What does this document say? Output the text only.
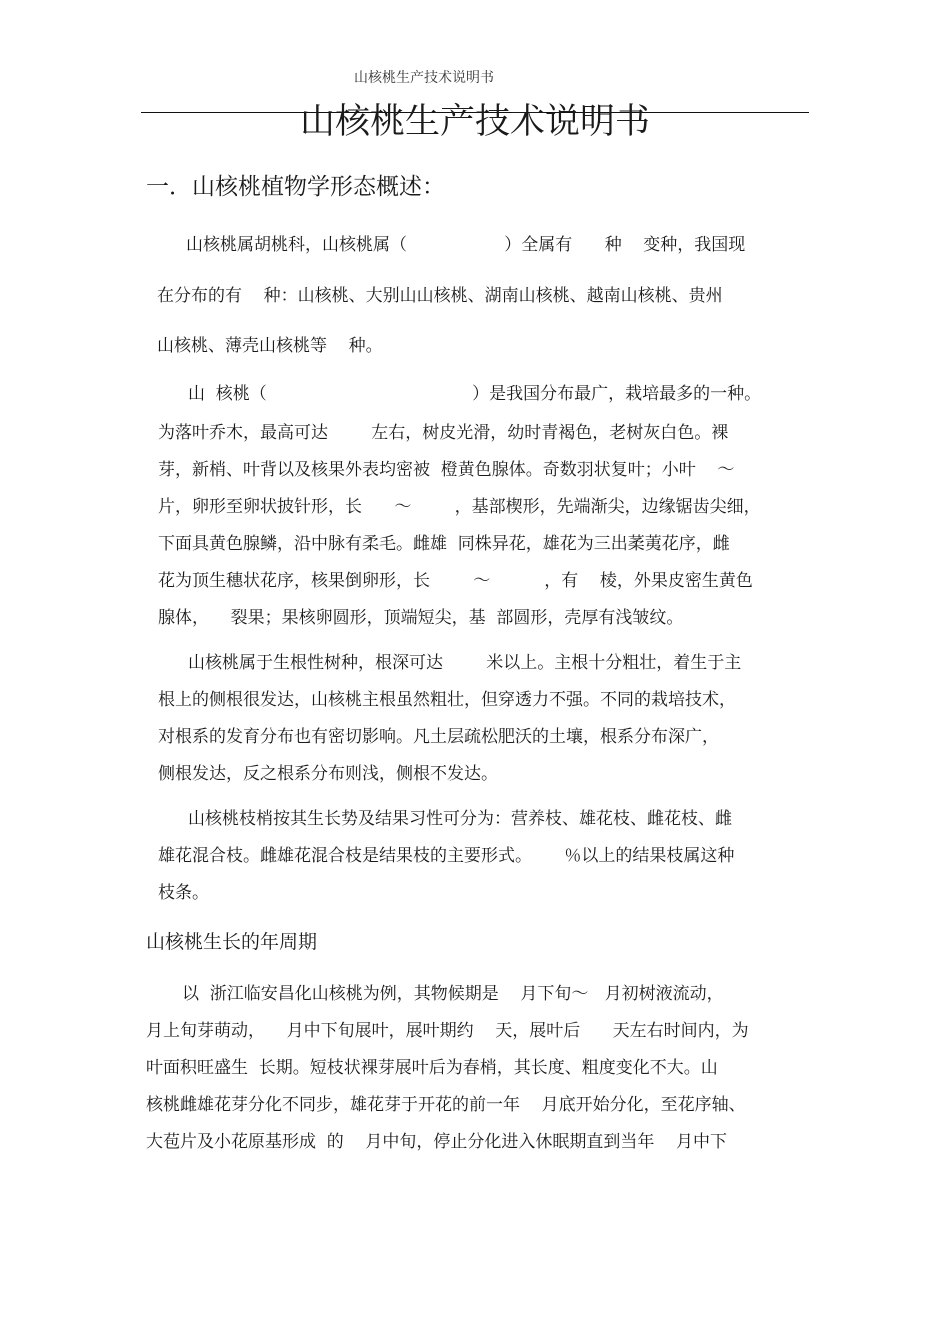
山核桃生产技术说明书
山核桃生产技术说明书
一．山核桃植物学形态概述：
山核桃属胡桃科，山核桃属（                  ）全属有      种    变种，我国现
在分布的有    种：山核桃、大别山山核桃、湖南山核桃、越南山核桃、贵州
山核桃、薄壳山核桃等    种。
山  核桃（                                      ）是我国分布最广，栽培最多的一种。
为落叶乔木，最高可达        左右，树皮光滑，幼时青褐色，老树灰白色。裸
芽，新梢、叶背以及核果外表均密被  橙黄色腺体。奇数羽状复叶；小叶    ～
片，卵形至卵状披针形，长      ～        ，基部楔形，先端渐尖，边缘锯齿尖细，
下面具黄色腺鳞，沿中脉有柔毛。雌雄  同株异花，雄花为三出葇荑花序，雌
花为顶生穗状花序，核果倒卵形，长        ～          ，有    棱，外果皮密生黄色
腺体，    裂果；果核卵圆形，顶端短尖，基  部圆形，壳厚有浅皱纹。
山核桃属于生根性树种，根深可达        米以上。主根十分粗壮，着生于主
根上的侧根很发达，山核桃主根虽然粗壮，但穿透力不强。不同的栽培技术，
对根系的发育分布也有密切影响。凡土层疏松肥沃的土壤，根系分布深广，
侧根发达，反之根系分布则浅，侧根不发达。
山核桃枝梢按其生长势及结果习性可分为：营养枝、雄花枝、雌花枝、雌
雄花混合枝。雌雄花混合枝是结果枝的主要形式。      ％以上的结果枝属这种
枝条。
山核桃生长的年周期
以  浙江临安昌化山核桃为例，其物候期是    月下旬～   月初树液流动，
月上旬芽萌动，    月中下旬展叶，展叶期约    天，展叶后      天左右时间内，为
叶面积旺盛生  长期。短枝状裸芽展叶后为春梢，其长度、粗度变化不大。山
核桃雌雄花芽分化不同步，雄花芽于开花的前一年    月底开始分化，至花序轴、
大苞片及小花原基形成  的    月中旬，停止分化进入休眠期直到当年    月中下
